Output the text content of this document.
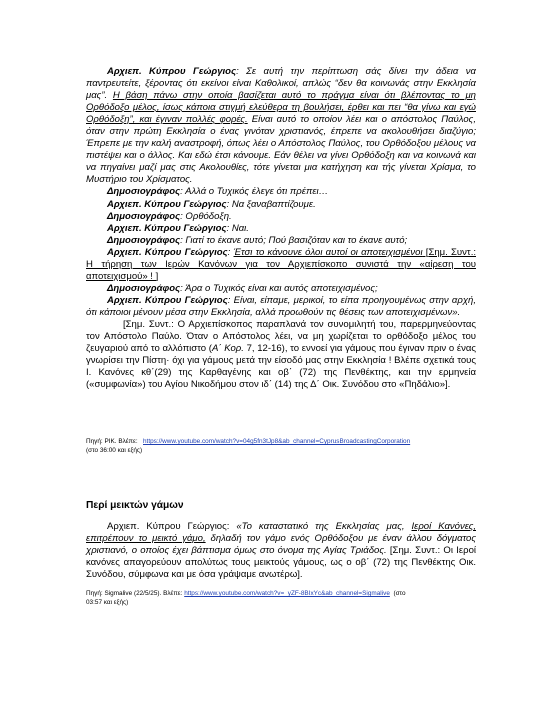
Αρχιεπ. Κύπρου Γεώργιος: Σε αυτή την περίπτωση σάς δίνει την άδεια να παντρευτείτε, ξέροντας ότι εκείνοι είναι Καθολικοί, απλώς “δεν θα κοινωνάς στην Εκκλησία μας”. Η βάση πάνω στην οποία βασίζεται αυτό το πράγμα είναι ότι βλέποντας το μη Ορθόδοξο μέλος, ίσως κάποια στιγμή ελεύθερα τη βουλήσει, έρθει και πει “θα γίνω και εγώ Ορθόδοξη”, και έγιναν πολλές φορές. Είναι αυτό το οποίον λέει και ο απόστολος Παύλος, όταν στην πρώτη Εκκλησία ο ένας γινόταν χριστιανός, έπρεπε να ακολουθήσει διαζύγιο; Έπρεπε με την καλή αναστροφή, όπως λέει ο Απόστολος Παύλος, του Ορθόδοξου μέλους να πιστέψει και ο άλλος. Και εδώ έτσι κάνουμε. Εάν θέλει να γίνει Ορθόδοξη και να κοινωνά και να πηγαίνει μαζί μας στις Ακολουθίες, τότε γίνεται μια κατήχηση και τής γίνεται Χρίσμα, το Μυστήριο του Χρίσματος.

Δημοσιογράφος: Αλλά ο Τυχικός έλεγε ότι πρέπει…

Αρχιεπ. Κύπρου Γεώργιος: Να ξαναβαπτίζουμε.

Δημοσιογράφος: Ορθόδοξη.

Αρχιεπ. Κύπρου Γεώργιος: Ναι.

Δημοσιογράφος: Γιατί το έκανε αυτό; Πού βασιζόταν και το έκανε αυτό;

Αρχιεπ. Κύπρου Γεώργιος: Έτσι το κάνουνε όλοι αυτοί οι αποτειχισμένοι [Σημ. Συντ.: Η τήρηση των Ιερών Κανόνων για τον Αρχιεπίσκοπο συνιστά την «αίρεση του αποτειχισμού» ! ]

Δημοσιογράφος: Άρα ο Τυχικός είναι και αυτός αποτειχισμένος;

Αρχιεπ. Κύπρου Γεώργιος: Είναι, είπαμε, μερικοί, το είπα προηγουμένως στην αρχή, ότι κάποιοι μένουν μέσα στην Εκκλησία, αλλά προωθούν τις θέσεις των αποτειχισμένων».

[Σημ. Συντ.: Ο Αρχιεπίσκοπος παραπλανά τον συνομιλητή του, παρερμηνεύοντας τον Απόστολο Παύλο. Όταν ο Απόστολος λέει, να μη χωρίζεται το ορθόδοξο μέλος του ζευγαριού από το αλλόπιστο (Α΄ Κορ. 7, 12-16), το εννοεί για γάμους που έγιναν πριν ο ένας γνωρίσει την Πίστη· όχι για γάμους μετά την είσοδό μας στην Εκκλησία ! Βλέπε σχετικά τους Ι. Κανόνες κθ΄(29) της Καρθαγένης και οβ΄ (72) της Πενθέκτης, και την ερμηνεία («συμφωνία») του Αγίου Νικοδήμου στον ιδ΄ (14) της Δ΄ Οικ. Συνόδου στο «Πηδάλιο»].

Πηγή: ΡΙΚ. Βλέπε: https://www.youtube.com/watch?v=04g5fn3tJp8&ab_channel=CyprusBroadcastingCorporation
(στο 36:00 και εξής)

Περί μεικτών γάμων

Αρχιεπ. Κύπρου Γεώργιος: «Το καταστατικό της Εκκλησίας μας, Ιεροί Κανόνες, επιτρέπουν το μεικτό γάμο, δηλαδή τον γάμο ενός Ορθόδοξου με έναν άλλου δόγματος χριστιανό, ο οποίος έχει βάπτισμα όμως στο όνομα της Αγίας Τριάδος. [Σημ. Συντ.: Οι Ιεροί κανόνες απαγορεύουν απολύτως τους μεικτούς γάμους, ως ο οβ΄ (72) της Πενθέκτης Οικ. Συνόδου, σύμφωνα και με όσα γράψαμε ανωτέρω].

Πηγή: Sigmalive (22/5/25). Βλέπε: https://www.youtube.com/watch?v=_yZF-8BIxYc&ab_channel=Sigmalive (στο
03:57 και εξής)
